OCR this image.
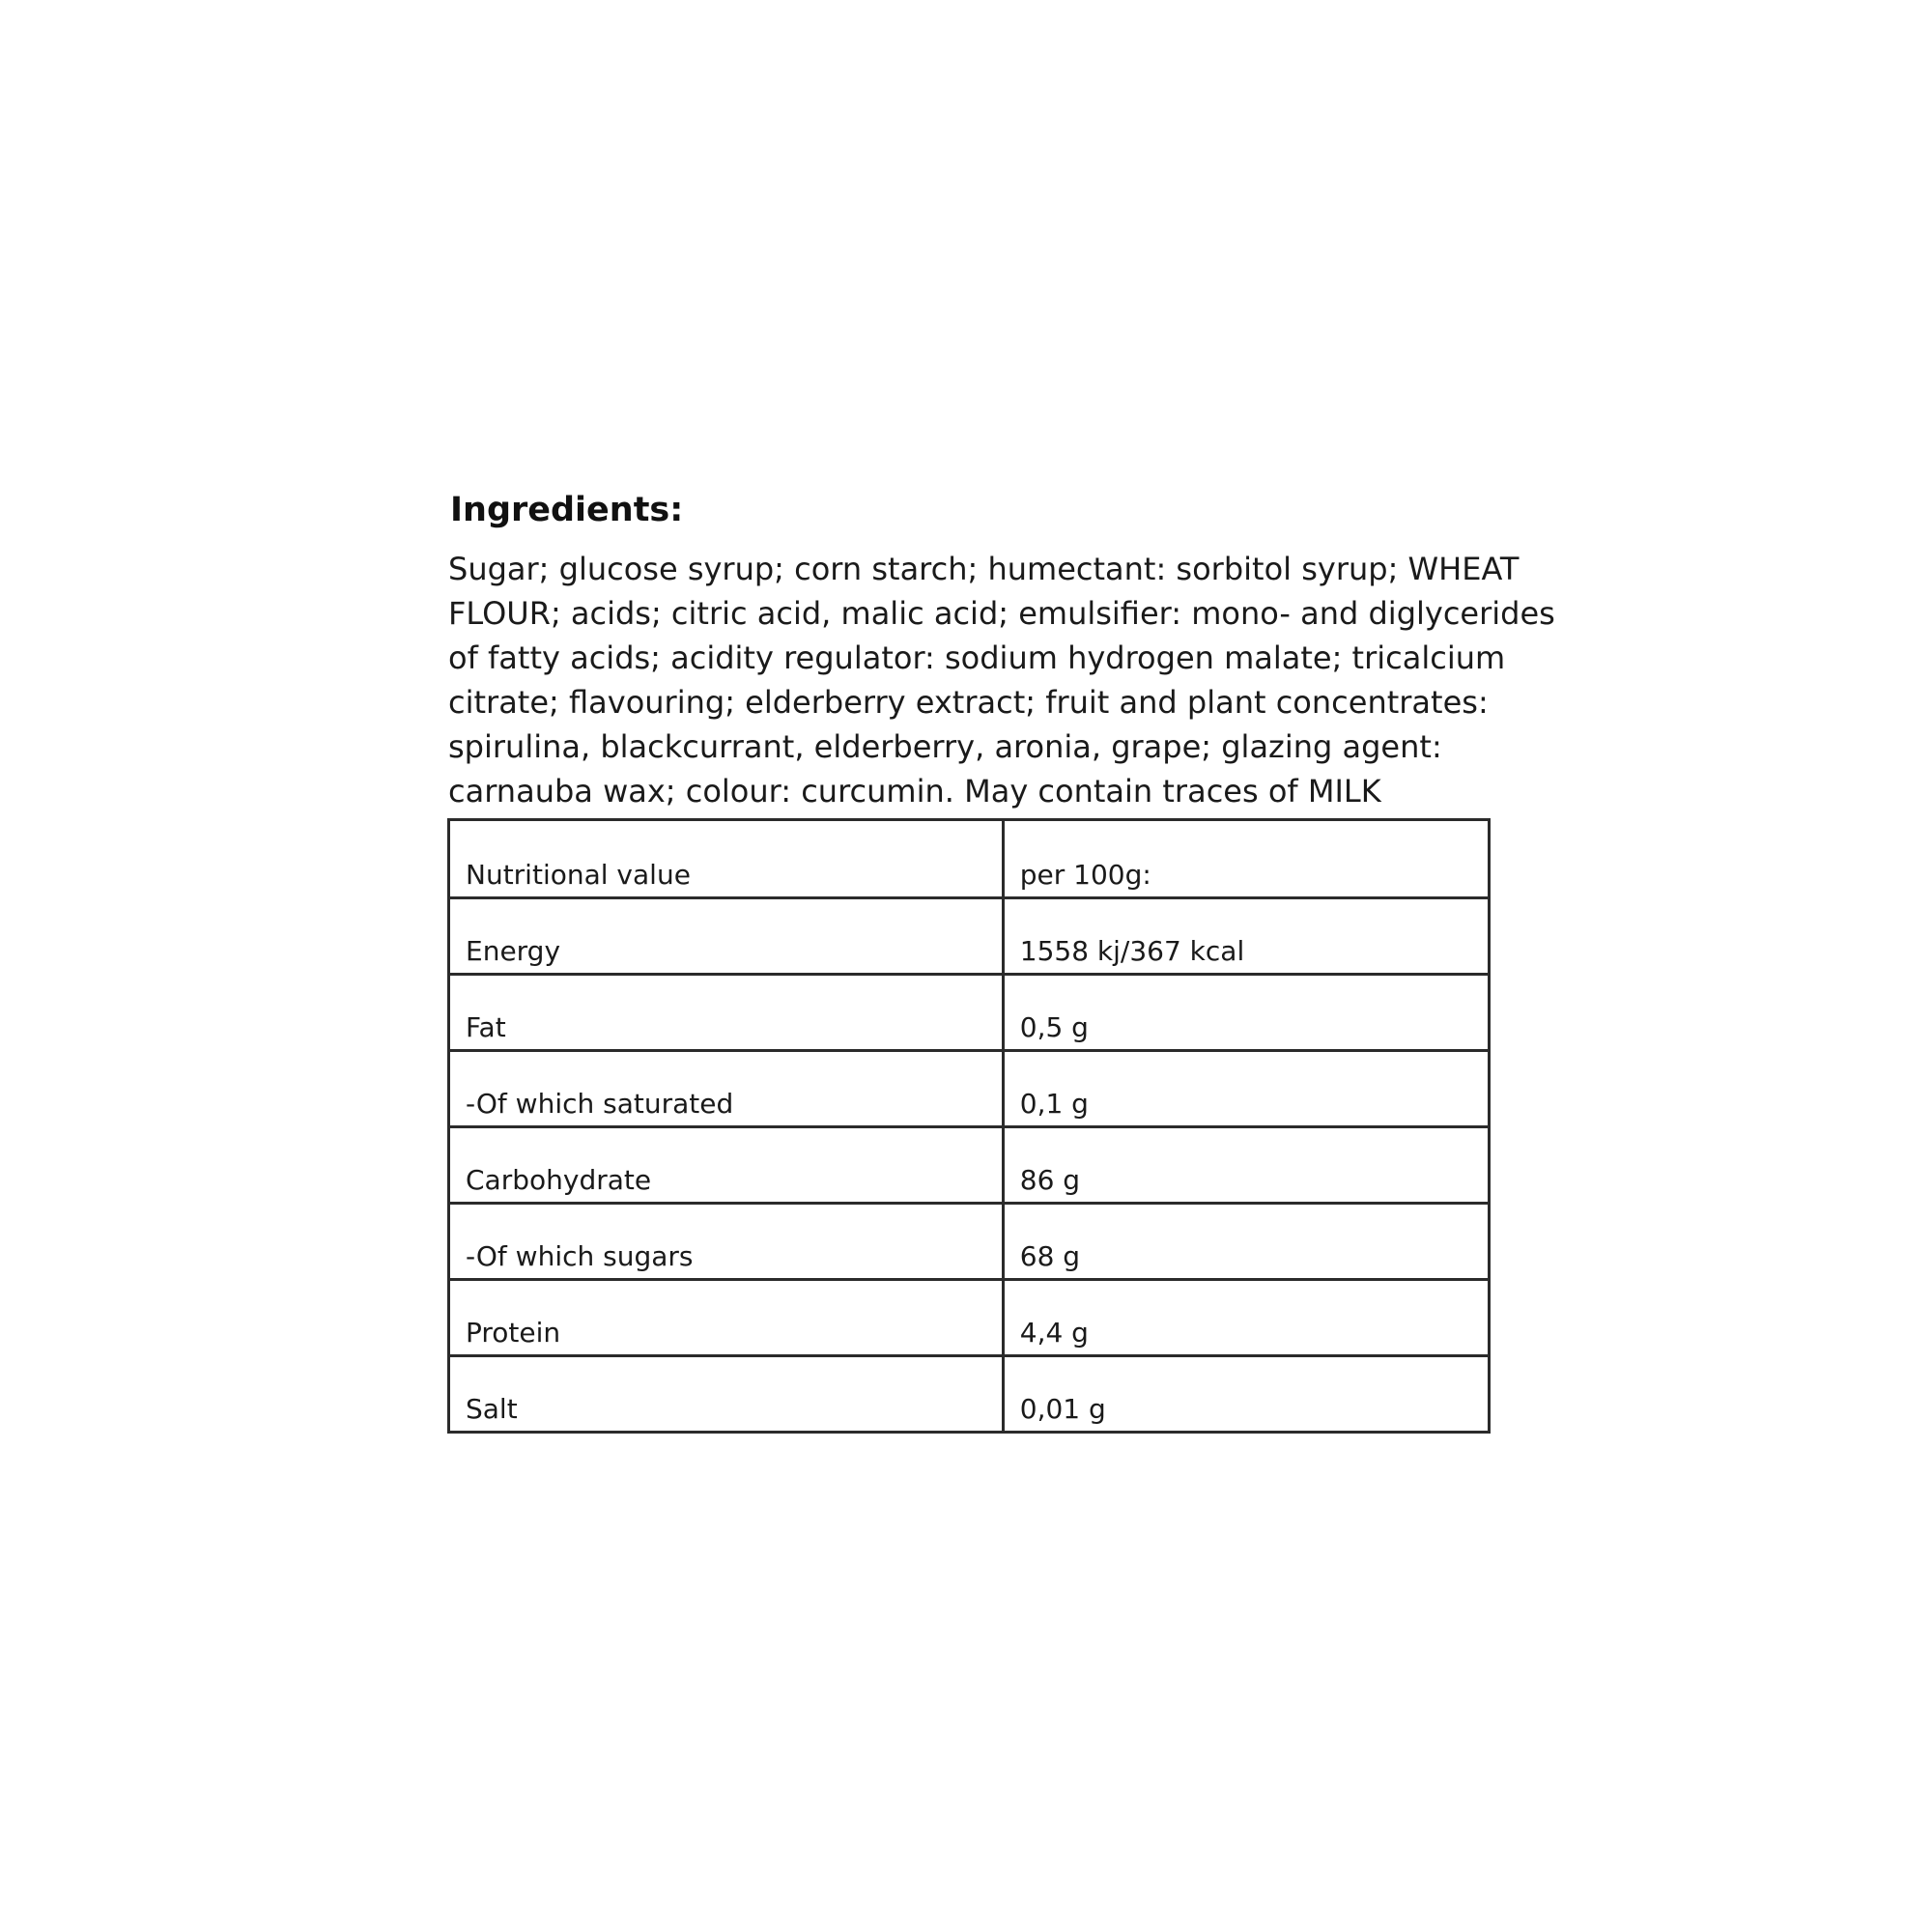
Ingredients:

Sugar; glucose syrup; corn starch; humectant: sorbitol syrup; WHEAT
FLOUR; acids; citric acid, malic acid; emulsifier: mono- and diglycerides
of fatty acids; acidity regulator: sodium hydrogen malate; tricalcium
citrate; flavouring; elderberry extract; fruit and plant concentrates:
spirulina, blackcurrant, elderberry, aronia, grape; glazing agent:
carnauba wax; colour: curcumin. May contain traces of MILK

Nutritional value	per 100g:
Energy	1558 kj/367 kcal
Fat	0,5 g
-Of which saturated	0,1 g
Carbohydrate	86 g
-Of which sugars	68 g
Protein	4,4 g
Salt	0,01 g
